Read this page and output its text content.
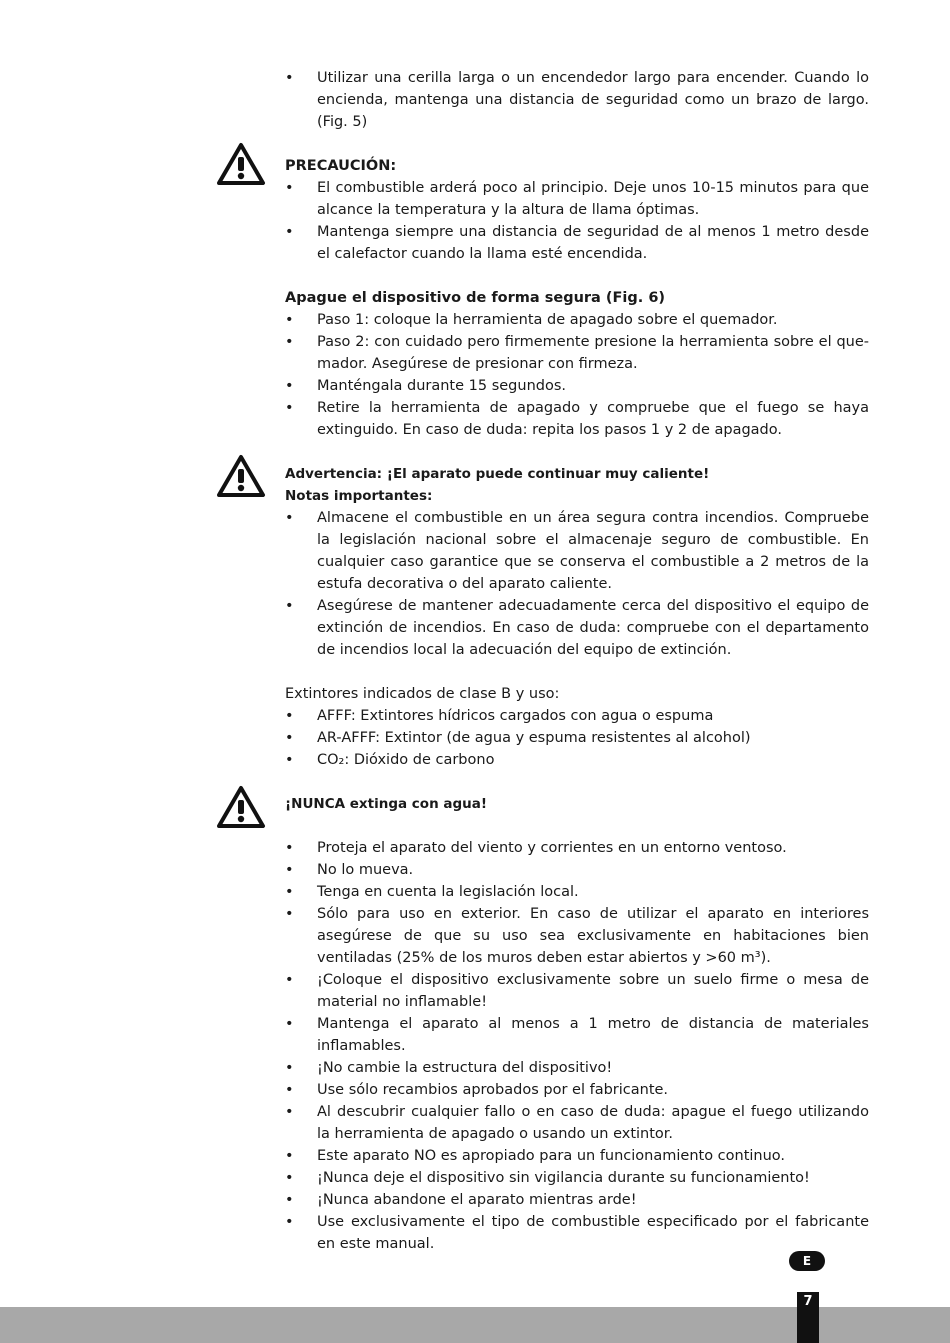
• Utilizar una cerilla larga o un encendedor largo para encender. Cuando lo encienda, mantenga una distancia de seguridad como un brazo de largo. (Fig. 5)

PRECAUCIÓN:

• El combustible arderá poco al principio. Deje unos 10-15 minutos para que alcance la temperatura y la altura de llama óptimas.
• Mantenga siempre una distancia de seguridad de al menos 1 metro desde el calefactor cuando la llama esté encendida.

Apague el dispositivo de forma segura (Fig. 6)

• Paso 1: coloque la herramienta de apagado sobre el quemador.
• Paso 2: con cuidado pero firmemente presione la herramienta sobre el quemador. Asegúrese de presionar con firmeza.
• Manténgala durante 15 segundos.
• Retire la herramienta de apagado y compruebe que el fuego se haya extinguido. En caso de duda: repita los pasos 1 y 2 de apagado.

Advertencia: ¡El aparato puede continuar muy caliente!

Notas importantes:

• Almacene el combustible en un área segura contra incendios. Compruebe la legislación nacional sobre el almacenaje seguro de combustible. En cualquier caso garantice que se conserva el combustible a 2 metros de la estufa decorativa o del aparato caliente.
• Asegúrese de mantener adecuadamente cerca del dispositivo el equipo de extinción de incendios. En caso de duda: compruebe con el departamento de incendios local la adecuación del equipo de extinción.

Extintores indicados de clase B y uso:

• AFFF: Extintores hídricos cargados con agua o espuma
• AR-AFFF: Extintor (de agua y espuma resistentes al alcohol)
• CO₂: Dióxido de carbono

¡NUNCA extinga con agua!

• Proteja el aparato del viento y corrientes en un entorno ventoso.
• No lo mueva.
• Tenga en cuenta la legislación local.
• Sólo para uso en exterior. En caso de utilizar el aparato en interiores asegúrese de que su uso sea exclusivamente en habitaciones bien ventiladas (25% de los muros deben estar abiertos y >60 m³).
• ¡Coloque el dispositivo exclusivamente sobre un suelo firme o mesa de material no inflamable!
• Mantenga el aparato al menos a 1 metro de distancia de materiales inflamables.
• ¡No cambie la estructura del dispositivo!
• Use sólo recambios aprobados por el fabricante.
• Al descubrir cualquier fallo o en caso de duda: apague el fuego utilizando la herramienta de apagado o usando un extintor.
• Este aparato NO es apropiado para un funcionamiento continuo.
• ¡Nunca deje el dispositivo sin vigilancia durante su funcionamiento!
• ¡Nunca abandone el aparato mientras arde!
• Use exclusivamente el tipo de combustible especificado por el fabricante en este manual.
E
7
